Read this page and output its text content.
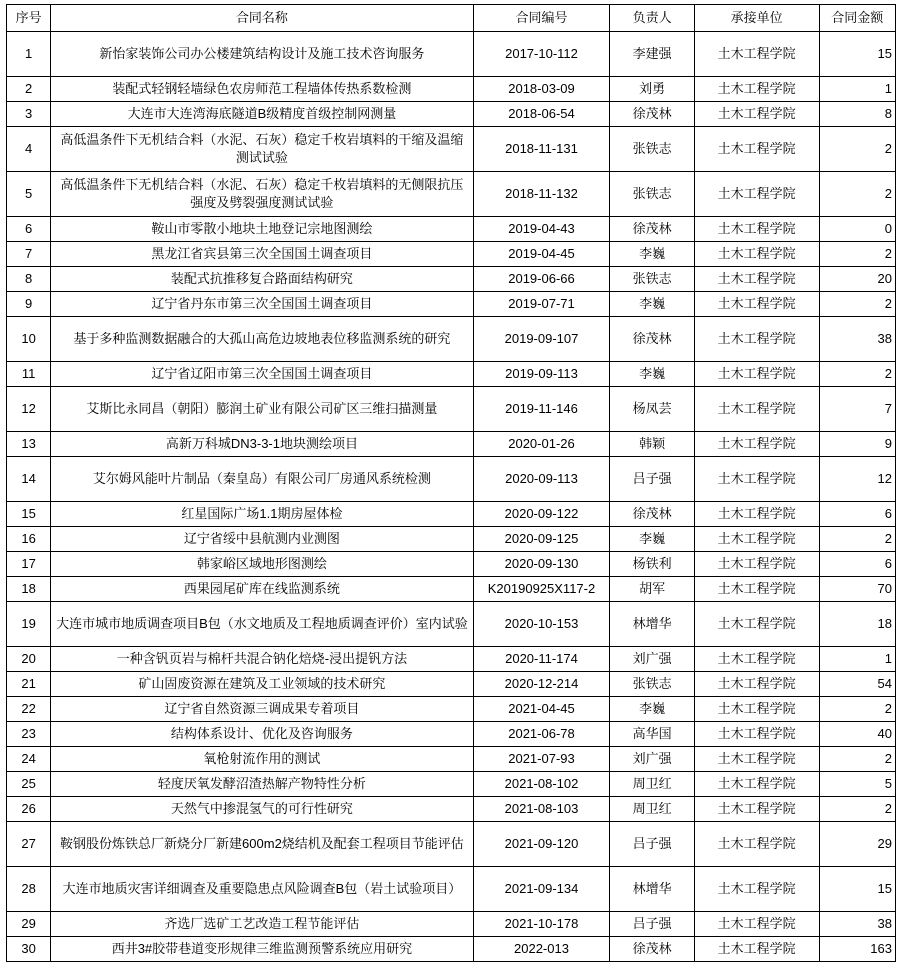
序号	合同名称	合同编号	负责人	承接单位	合同金额
1	新怡家装饰公司办公楼建筑结构设计及施工技术咨询服务	2017-10-112	李建强	土木工程学院	15
2	装配式轻钢轻墙绿色农房师范工程墙体传热系数检测	2018-03-09	刘勇	土木工程学院	1
3	大连市大连湾海底隧道B级精度首级控制网测量	2018-06-54	徐茂林	土木工程学院	8
4	高低温条件下无机结合料（水泥、石灰）稳定千枚岩填料的干缩及温缩测试试验	2018-11-131	张铁志	土木工程学院	2
5	高低温条件下无机结合料（水泥、石灰）稳定千枚岩填料的无侧限抗压强度及劈裂强度测试试验	2018-11-132	张铁志	土木工程学院	2
6	鞍山市零散小地块土地登记宗地图测绘	2019-04-43	徐茂林	土木工程学院	0
7	黑龙江省宾县第三次全国国土调查项目	2019-04-45	李巍	土木工程学院	2
8	装配式抗推移复合路面结构研究	2019-06-66	张铁志	土木工程学院	20
9	辽宁省丹东市第三次全国国土调查项目	2019-07-71	李巍	土木工程学院	2
10	基于多种监测数据融合的大孤山高危边坡地表位移监测系统的研究	2019-09-107	徐茂林	土木工程学院	38
11	辽宁省辽阳市第三次全国国土调查项目	2019-09-113	李巍	土木工程学院	2
12	艾斯比永同昌（朝阳）膨润土矿业有限公司矿区三维扫描测量	2019-11-146	杨凤芸	土木工程学院	7
13	高新万科城DN3-3-1地块测绘项目	2020-01-26	韩颖	土木工程学院	9
14	艾尔姆风能叶片制品（秦皇岛）有限公司厂房通风系统检测	2020-09-113	吕子强	土木工程学院	12
15	红星国际广场1.1期房屋体检	2020-09-122	徐茂林	土木工程学院	6
16	辽宁省绥中县航测内业测图	2020-09-125	李巍	土木工程学院	2
17	韩家峪区域地形图测绘	2020-09-130	杨铁利	土木工程学院	6
18	西果园尾矿库在线监测系统	K20190925X117-2	胡军	土木工程学院	70
19	大连市城市地质调查项目B包（水文地质及工程地质调查评价）室内试验	2020-10-153	林增华	土木工程学院	18
20	一种含钒页岩与棉杆共混合钠化焙烧-浸出提钒方法	2020-11-174	刘广强	土木工程学院	1
21	矿山固废资源在建筑及工业领域的技术研究	2020-12-214	张铁志	土木工程学院	54
22	辽宁省自然资源三调成果专着项目	2021-04-45	李巍	土木工程学院	2
23	结构体系设计、优化及咨询服务	2021-06-78	高华国	土木工程学院	40
24	氧枪射流作用的测试	2021-07-93	刘广强	土木工程学院	2
25	轻度厌氧发酵沼渣热解产物特性分析	2021-08-102	周卫红	土木工程学院	5
26	天然气中掺混氢气的可行性研究	2021-08-103	周卫红	土木工程学院	2
27	鞍钢股份炼铁总厂新烧分厂新建600m2烧结机及配套工程项目节能评估	2021-09-120	吕子强	土木工程学院	29
28	大连市地质灾害详细调查及重要隐患点风险调查B包（岩土试验项目）	2021-09-134	林增华	土木工程学院	15
29	齐选厂选矿工艺改造工程节能评估	2021-10-178	吕子强	土木工程学院	38
30	西井3#胶带巷道变形规律三维监测预警系统应用研究	2022-013	徐茂林	土木工程学院	163
